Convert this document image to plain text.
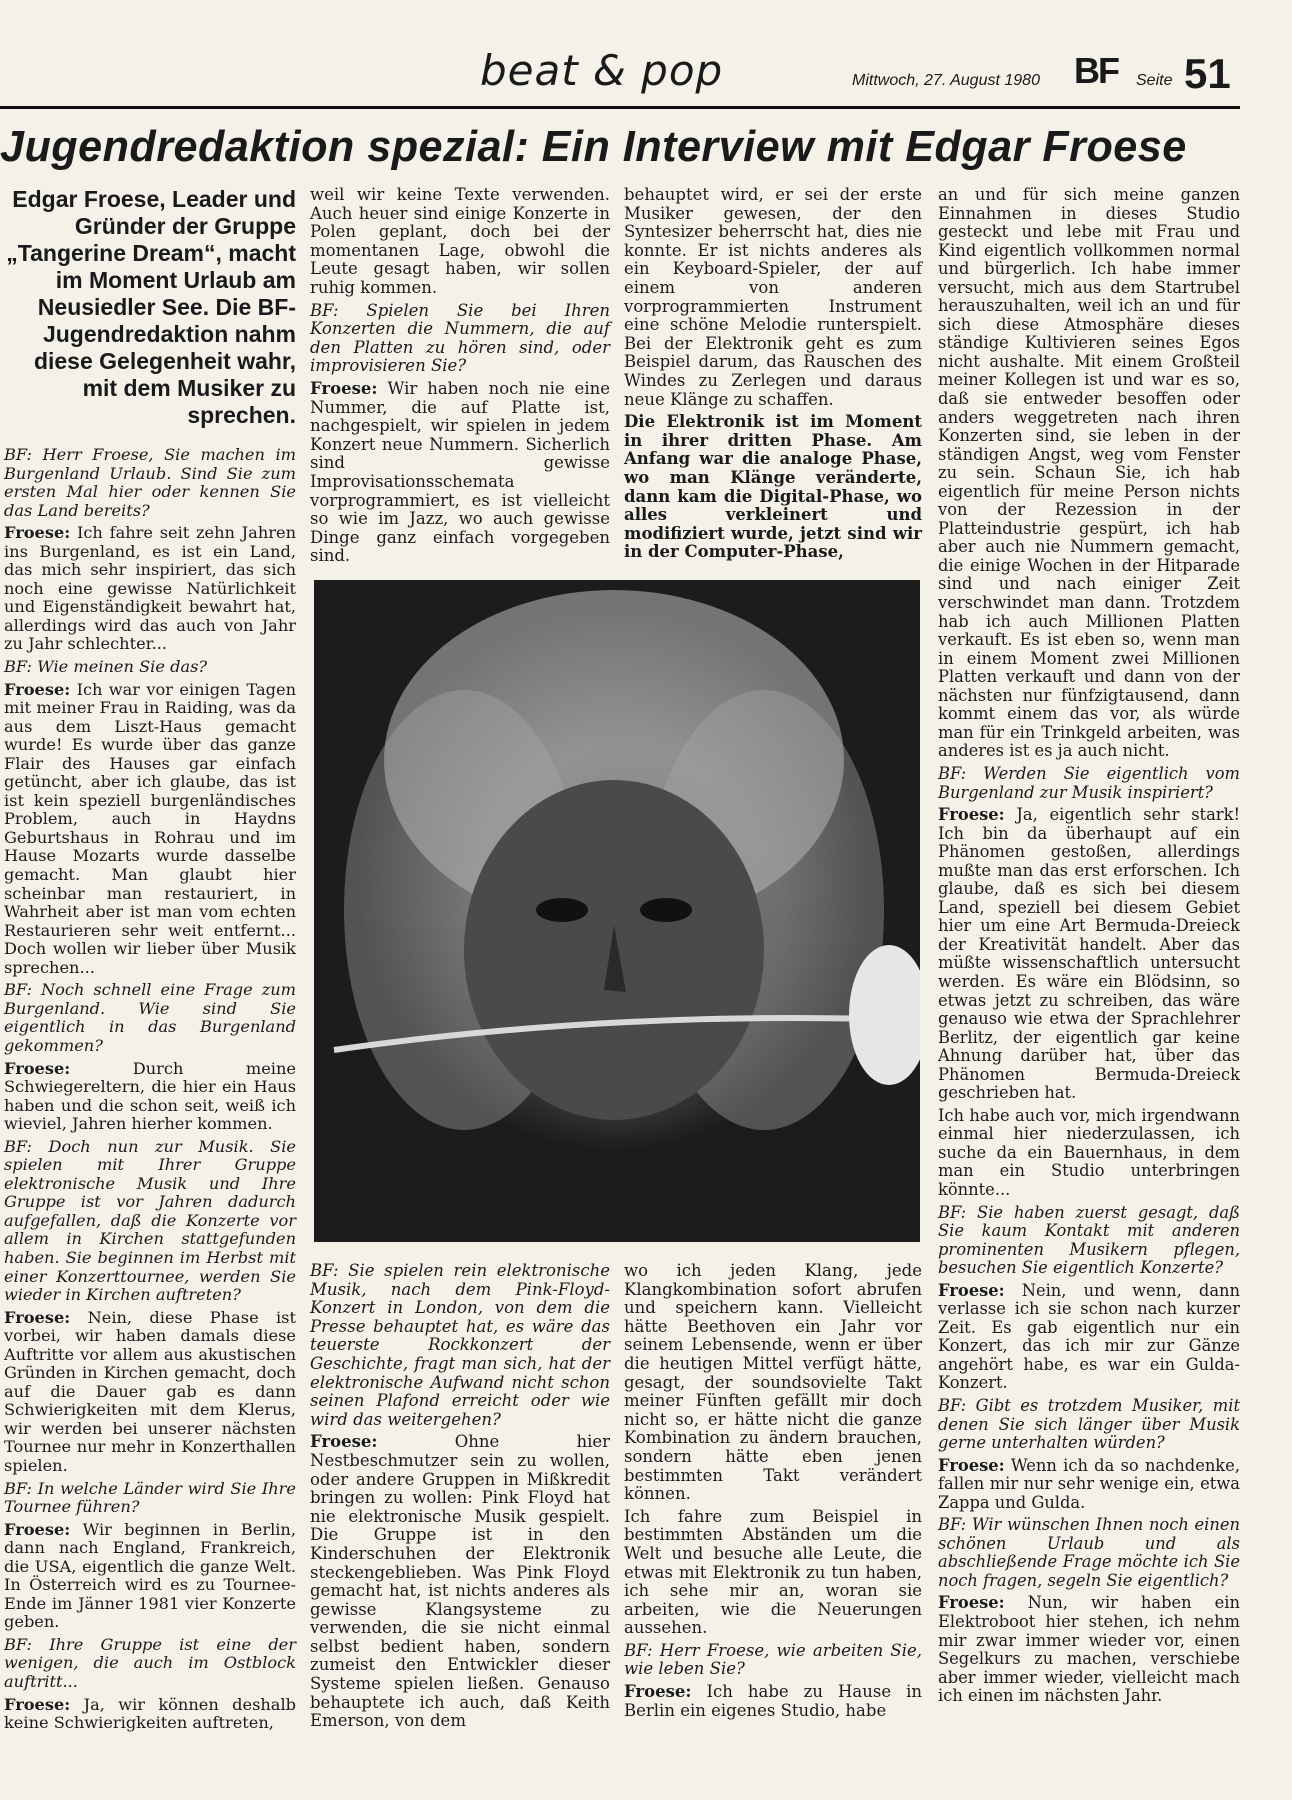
beat & pop	Mittwoch, 27. August 1980 BF Seite 51
Jugendredaktion spezial: Ein Interview mit Edgar Froese
Edgar Froese, Leader und Gründer der Gruppe „Tangerine Dream“, macht im Moment Urlaub am Neusiedler See. Die BF-Jugendredaktion nahm diese Gelegenheit wahr, mit dem Musiker zu sprechen.

BF: Herr Froese, Sie machen im Burgenland Urlaub. Sind Sie zum ersten Mal hier oder kennen Sie das Land bereits?

Froese: Ich fahre seit zehn Jahren ins Burgenland, es ist ein Land, das mich sehr inspiriert, das sich noch eine gewisse Natürlichkeit und Eigenständigkeit bewahrt hat, allerdings wird das auch von Jahr zu Jahr schlechter...

BF: Wie meinen Sie das?

Froese: Ich war vor einigen Tagen mit meiner Frau in Raiding, was da aus dem Liszt-Haus gemacht wurde! Es wurde über das ganze Flair des Hauses gar einfach getüncht, aber ich glaube, das ist ist kein speziell burgenländisches Problem, auch in Haydns Geburtshaus in Rohrau und im Hause Mozarts wurde dasselbe gemacht. Man glaubt hier scheinbar man restauriert, in Wahrheit aber ist man vom echten Restaurieren sehr weit entfernt... Doch wollen wir lieber über Musik sprechen...

BF: Noch schnell eine Frage zum Burgenland. Wie sind Sie eigentlich in das Burgenland gekommen?

Froese: Durch meine Schwiegereltern, die hier ein Haus haben und die schon seit, weiß ich wieviel, Jahren hierher kommen.

BF: Doch nun zur Musik. Sie spielen mit Ihrer Gruppe elektronische Musik und Ihre Gruppe ist vor Jahren dadurch aufgefallen, daß die Konzerte vor allem in Kirchen stattgefunden haben. Sie beginnen im Herbst mit einer Konzerttournee, werden Sie wieder in Kirchen auftreten?

Froese: Nein, diese Phase ist vorbei, wir haben damals diese Auftritte vor allem aus akustischen Gründen in Kirchen gemacht, doch auf die Dauer gab es dann Schwierigkeiten mit dem Klerus, wir werden bei unserer nächsten Tournee nur mehr in Konzerthallen spielen.

BF: In welche Länder wird Sie Ihre Tournee führen?

Froese: Wir beginnen in Berlin, dann nach England, Frankreich, die USA, eigentlich die ganze Welt. In Österreich wird es zu Tournee-Ende im Jänner 1981 vier Konzerte geben.

BF: Ihre Gruppe ist eine der wenigen, die auch im Ostblock auftritt...

Froese: Ja, wir können deshalb keine Schwierigkeiten auftreten,

weil wir keine Texte verwenden. Auch heuer sind einige Konzerte in Polen geplant, doch bei der momentanen Lage, obwohl die Leute gesagt haben, wir sollen ruhig kommen.

BF: Spielen Sie bei Ihren Konzerten die Nummern, die auf den Platten zu hören sind, oder improvisieren Sie?

Froese: Wir haben noch nie eine Nummer, die auf Platte ist, nachgespielt, wir spielen in jedem Konzert neue Nummern. Sicherlich sind gewisse Improvisationsschemata vorprogrammiert, es ist vielleicht so wie im Jazz, wo auch gewisse Dinge ganz einfach vorgegeben sind.

behauptet wird, er sei der erste Musiker gewesen, der den Syntesizer beherrscht hat, dies nie konnte. Er ist nichts anderes als ein Keyboard-Spieler, der auf einem von anderen vorprogrammierten Instrument eine schöne Melodie runterspielt. Bei der Elektronik geht es zum Beispiel darum, das Rauschen des Windes zu Zerlegen und daraus neue Klänge zu schaffen.

Die Elektronik ist im Moment in ihrer dritten Phase. Am Anfang war die analoge Phase, wo man Klänge veränderte, dann kam die Digital-Phase, wo alles verkleinert und modifiziert wurde, jetzt sind wir in der Computer-Phase,

an und für sich meine ganzen Einnahmen in dieses Studio gesteckt und lebe mit Frau und Kind eigentlich vollkommen normal und bürgerlich. Ich habe immer versucht, mich aus dem Startrubel herauszuhalten, weil ich an und für sich diese Atmosphäre dieses ständige Kultivieren seines Egos nicht aushalte. Mit einem Großteil meiner Kollegen ist und war es so, daß sie entweder besoffen oder anders weggetreten nach ihren Konzerten sind, sie leben in der ständigen Angst, weg vom Fenster zu sein. Schaun Sie, ich hab eigentlich für meine Person nichts von der Rezession in der Platteindustrie gespürt, ich hab aber auch nie Nummern gemacht, die einige Wochen in der Hitparade sind und nach einiger Zeit verschwindet man dann. Trotzdem hab ich auch Millionen Platten verkauft. Es ist eben so, wenn man in einem Moment zwei Millionen Platten verkauft und dann von der nächsten nur fünfzigtausend, dann kommt einem das vor, als würde man für ein Trinkgeld arbeiten, was anderes ist es ja auch nicht.

BF: Werden Sie eigentlich vom Burgenland zur Musik inspiriert?

Froese: Ja, eigentlich sehr stark! Ich bin da überhaupt auf ein Phänomen gestoßen, allerdings mußte man das erst erforschen. Ich glaube, daß es sich bei diesem Land, speziell bei diesem Gebiet hier um eine Art Bermuda-Dreieck der Kreativität handelt. Aber das müßte wissenschaftlich untersucht werden. Es wäre ein Blödsinn, so etwas jetzt zu schreiben, das wäre genauso wie etwa der Sprachlehrer Berlitz, der eigentlich gar keine Ahnung darüber hat, über das Phänomen Bermuda-Dreieck geschrieben hat.

Ich habe auch vor, mich irgendwann einmal hier niederzulassen, ich suche da ein Bauernhaus, in dem man ein Studio unterbringen könnte...

BF: Sie haben zuerst gesagt, daß Sie kaum Kontakt mit anderen prominenten Musikern pflegen, besuchen Sie eigentlich Konzerte?

Froese: Nein, und wenn, dann verlasse ich sie schon nach kurzer Zeit. Es gab eigentlich nur ein Konzert, das ich mir zur Gänze angehört habe, es war ein Gulda-Konzert.

BF: Gibt es trotzdem Musiker, mit denen Sie sich länger über Musik gerne unterhalten würden?

Froese: Wenn ich da so nachdenke, fallen mir nur sehr wenige ein, etwa Zappa und Gulda.

BF: Wir wünschen Ihnen noch einen schönen Urlaub und als abschließende Frage möchte ich Sie noch fragen, segeln Sie eigentlich?

Froese: Nun, wir haben ein Elektroboot hier stehen, ich nehm mir zwar immer wieder vor, einen Segelkurs zu machen, verschiebe aber immer wieder, vielleicht mach ich einen im nächsten Jahr.

BF: Sie spielen rein elektronische Musik, nach dem Pink-Floyd-Konzert in London, von dem die Presse behauptet hat, es wäre das teuerste Rockkonzert der Geschichte, fragt man sich, hat der elektronische Aufwand nicht schon seinen Plafond erreicht oder wie wird das weitergehen?

Froese: Ohne hier Nestbeschmutzer sein zu wollen, oder andere Gruppen in Mißkredit bringen zu wollen: Pink Floyd hat nie elektronische Musik gespielt. Die Gruppe ist in den Kinderschuhen der Elektronik steckengeblieben. Was Pink Floyd gemacht hat, ist nichts anderes als gewisse Klangsysteme zu verwenden, die sie nicht einmal selbst bedient haben, sondern zumeist den Entwickler dieser Systeme spielen ließen. Genauso behauptete ich auch, daß Keith Emerson, von dem

wo ich jeden Klang, jede Klangkombination sofort abrufen und speichern kann. Vielleicht hätte Beethoven ein Jahr vor seinem Lebensende, wenn er über die heutigen Mittel verfügt hätte, gesagt, der soundsovielte Takt meiner Fünften gefällt mir doch nicht so, er hätte nicht die ganze Kombination zu ändern brauchen, sondern hätte eben jenen bestimmten Takt verändert können.

Ich fahre zum Beispiel in bestimmten Abständen um die Welt und besuche alle Leute, die etwas mit Elektronik zu tun haben, ich sehe mir an, woran sie arbeiten, wie die Neuerungen aussehen.

BF: Herr Froese, wie arbeiten Sie, wie leben Sie?

Froese: Ich habe zu Hause in Berlin ein eigenes Studio, habe
